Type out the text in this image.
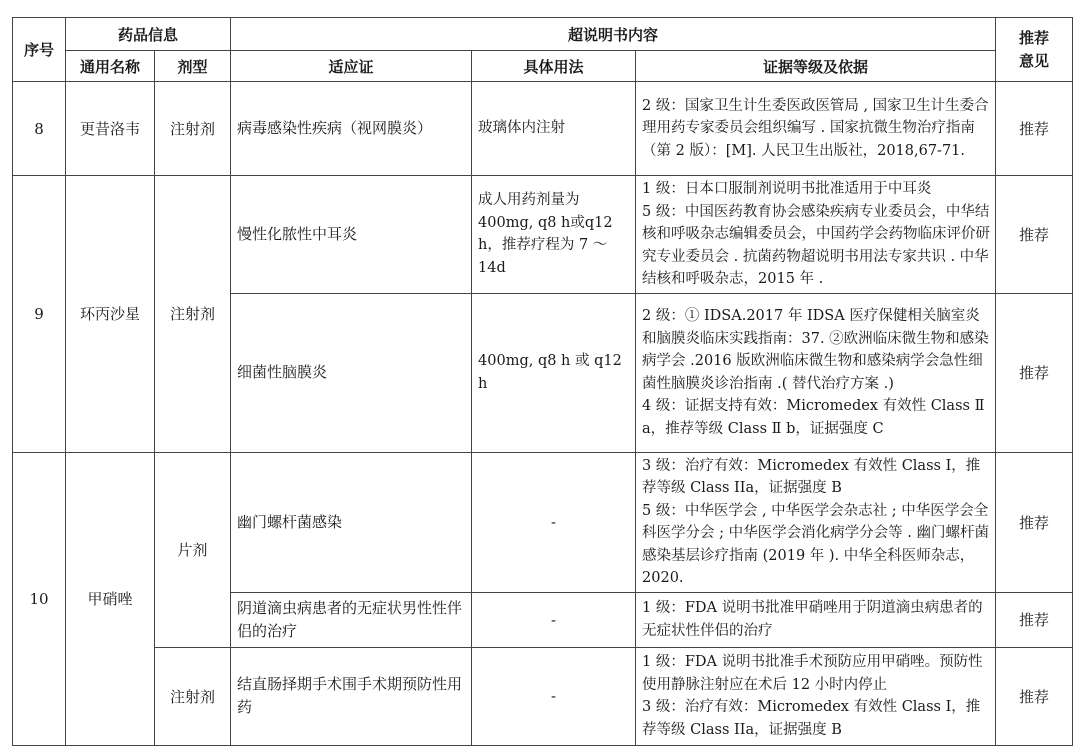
序号	药品信息		超说明书内容			推荐
意见

	通用名称	剂型	适应证	具体用法	证据等级及依据	
8	更昔洛韦	注射剂	病毒感染性疾病（视网膜炎）	玻璃体内注射	2 级：国家卫生计生委医政医管局 , 国家卫生计生委合理用药专家委员会组织编写 . 国家抗微生物治疗指南（第 2 版）：[M]. 人民卫生出版社，2018,67-71.	推荐
9	环丙沙星	注射剂	慢性化脓性中耳炎	成人用药剂量为400mg, q8 h或q12 h，推荐疗程为 7 ～ 14d	1 级：日本口服制剂说明书批准适用于中耳炎
5 级：中国医药教育协会感染疾病专业委员会，中华结核和呼吸杂志编辑委员会，中国药学会药物临床评价研究专业委员会 . 抗菌药物超说明书用法专家共识 . 中华结核和呼吸杂志，2015 年 .	推荐
			细菌性脑膜炎	400mg, q8 h 或 q12 h	2 级：① IDSA.2017 年 IDSA 医疗保健相关脑室炎和脑膜炎临床实践指南：37. ②欧洲临床微生物和感染病学会 .2016 版欧洲临床微生物和感染病学会急性细菌性脑膜炎诊治指南 .( 替代治疗方案 .)
4 级：证据支持有效：Micromedex 有效性 Class Ⅱ a，推荐等级 Class Ⅱ b，证据强度 C	推荐
10	甲硝唑	片剂	幽门螺杆菌感染	-	3 级：治疗有效：Micromedex 有效性 Class I，推荐等级 Class IIa，证据强度 B
5 级：中华医学会 , 中华医学会杂志社 ; 中华医学会全科医学分会 ; 中华医学会消化病学分会等 . 幽门螺杆菌感染基层诊疗指南 (2019 年 ). 中华全科医师杂志，2020.	推荐
			阴道滴虫病患者的无症状男性性伴侣的治疗	-	1 级：FDA 说明书批准甲硝唑用于阴道滴虫病患者的无症状性伴侣的治疗	推荐
		注射剂	结直肠择期手术围手术期预防性用药	-	1 级：FDA 说明书批准手术预防应用甲硝唑。预防性使用静脉注射应在术后 12 小时内停止
3 级：治疗有效：Micromedex 有效性 Class I，推荐等级 Class IIa，证据强度 B	推荐
